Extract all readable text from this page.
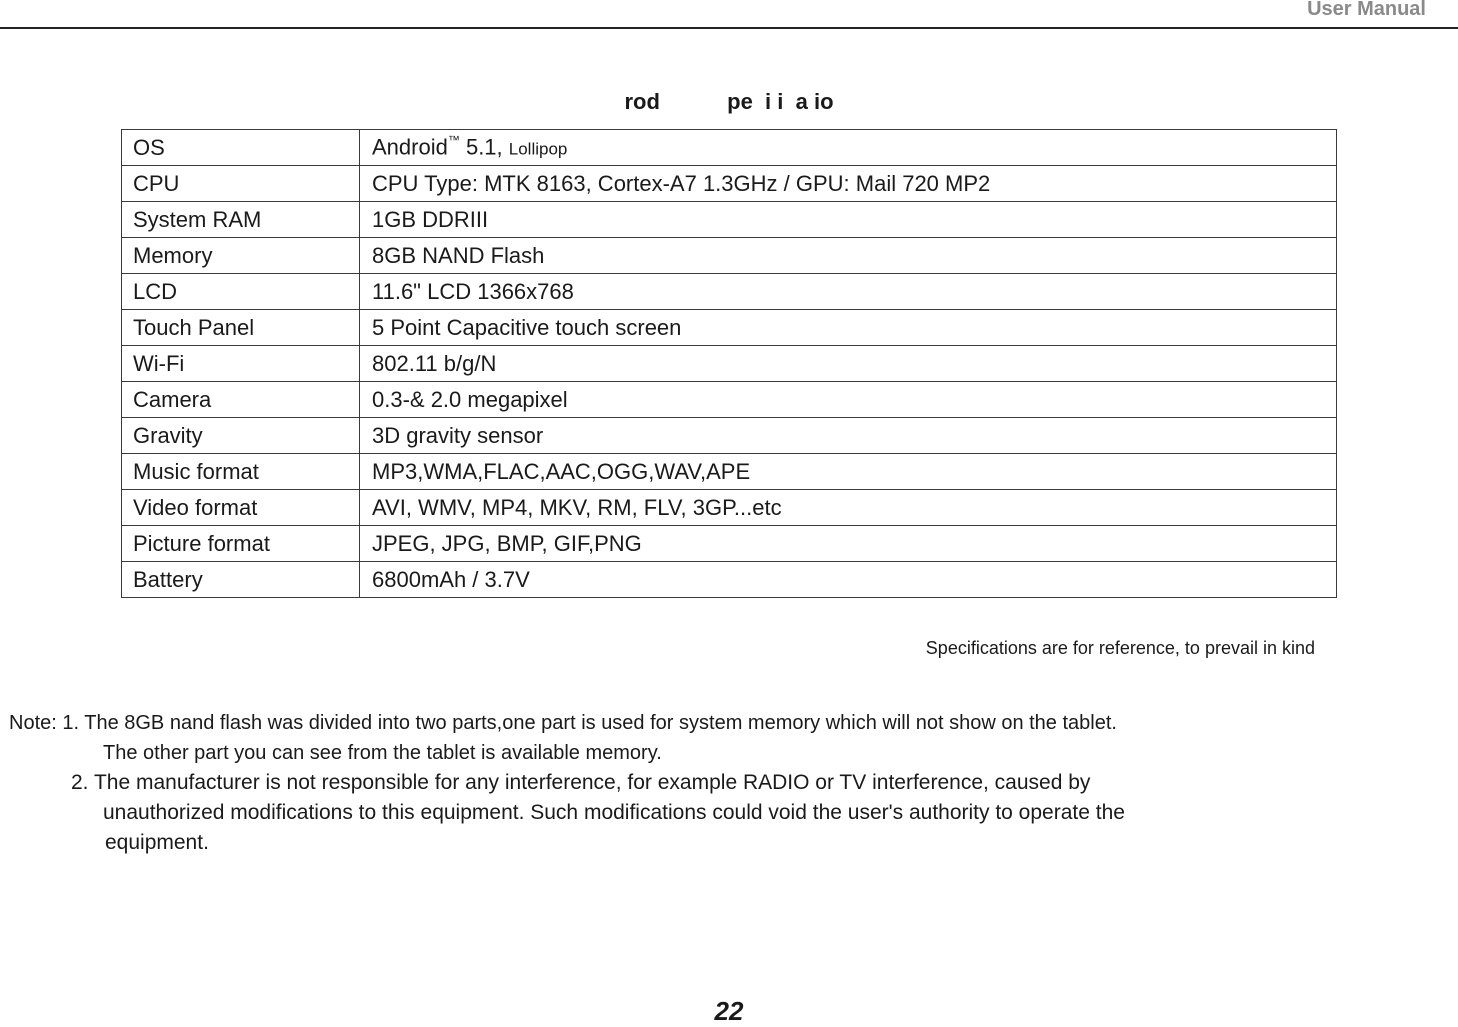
User Manual
rod           pe  i i  a io
OS	Android™ 5.1, Lollipop
CPU	CPU Type: MTK 8163, Cortex-A7 1.3GHz / GPU: Mail 720 MP2
System RAM	1GB DDRIII
Memory	8GB NAND Flash
LCD	11.6" LCD 1366x768
Touch Panel	5 Point Capacitive touch screen
Wi-Fi	802.11 b/g/N
Camera	0.3-& 2.0 megapixel
Gravity	3D gravity sensor
Music format	MP3,WMA,FLAC,AAC,OGG,WAV,APE
Video format	AVI, WMV, MP4, MKV, RM, FLV, 3GP...etc
Picture format	JPEG, JPG, BMP, GIF,PNG
Battery	6800mAh / 3.7V
Specifications are for reference, to prevail in kind
Note: 1. The 8GB nand flash was divided into two parts,one part is used for system memory which will not show on the tablet.
The other part you can see from the tablet is available memory.
2. The manufacturer is not responsible for any interference, for example RADIO or TV interference, caused by
unauthorized modifications to this equipment. Such modifications could void the user's authority to operate the
equipment.
22
